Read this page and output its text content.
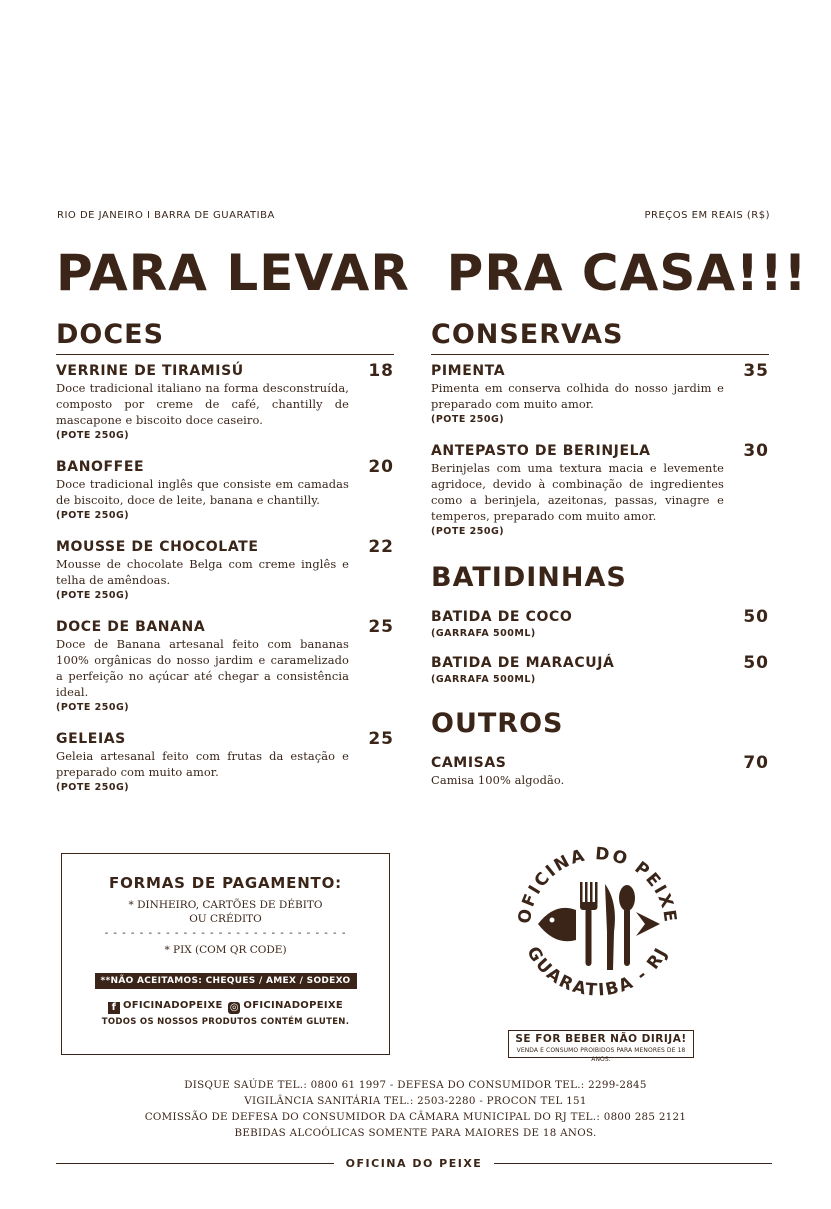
RIO DE JANEIRO I BARRA DE GUARATIBA	PREÇOS EM REAIS (R$)
PARA LEVAR  PRA CASA!!!
DOCES
VERRINE DE TIRAMISÚ	18
Doce tradicional italiano na forma desconstruída, composto por creme de café, chantilly de mascapone e biscoito doce caseiro.
(POTE 250G)
BANOFFEE	20
Doce tradicional inglês que consiste em camadas de biscoito, doce de leite, banana e chantilly.
(POTE 250G)
MOUSSE DE CHOCOLATE	22
Mousse de chocolate Belga com creme inglês e telha de amêndoas.
(POTE 250G)
DOCE DE BANANA	25
Doce de Banana artesanal feito com bananas 100% orgânicas do nosso jardim e caramelizado a perfeição no açúcar até chegar a consistência ideal.
(POTE 250G)
GELEIAS	25
Geleia artesanal feito com frutas da estação e preparado com muito amor.
(POTE 250G)
CONSERVAS
PIMENTA	35
Pimenta em conserva colhida do nosso jardim e preparado com muito amor.
(POTE 250G)
ANTEPASTO DE BERINJELA	30
Berinjelas com uma textura macia e levemente agridoce, devido à combinação de ingredientes como a berinjela, azeitonas, passas, vinagre e temperos, preparado com muito amor.
(POTE 250G)
BATIDINHAS
BATIDA DE COCO	50
(GARRAFA 500ML)
BATIDA DE MARACUJÁ	50
(GARRAFA 500ML)
OUTROS
CAMISAS	70
Camisa 100% algodão.
FORMAS DE PAGAMENTO:
* DINHEIRO, CARTÕES DE DÉBITO
OU CRÉDITO
- - - - - - - - - - - - - - - - - - - - - - - - - - - -
* PIX (COM QR CODE)
**NÃO ACEITAMOS: CHEQUES / AMEX / SODEXO
f OFICINADOPEIXE ◎ OFICINADOPEIXE
TODOS OS NOSSOS PRODUTOS CONTÉM GLUTEN.
OFICINA DO PEIXE
GUARATIBA - RJ
SE FOR BEBER NÃO DIRIJA!
VENDA E CONSUMO PROIBIDOS PARA MENORES DE 18 ANOS.
DISQUE SAÚDE TEL.: 0800 61 1997 - DEFESA DO CONSUMIDOR TEL.: 2299-2845
VIGILÂNCIA SANITÁRIA TEL.: 2503-2280 - PROCON TEL 151
COMISSÃO DE DEFESA DO CONSUMIDOR DA CÂMARA MUNICIPAL DO RJ TEL.: 0800 285 2121
BEBIDAS ALCOÓLICAS SOMENTE PARA MAIORES DE 18 ANOS.
OFICINA DO PEIXE
